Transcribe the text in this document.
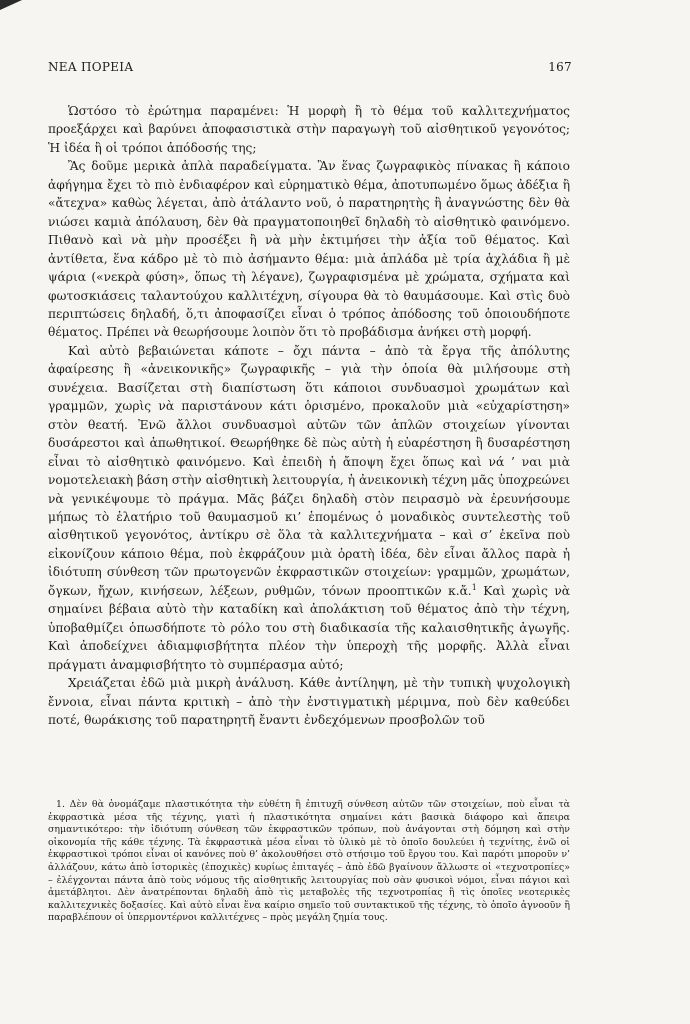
ΝΕΑ ΠΟΡΕΙΑ	167

Ὡστόσο τὸ ἐρώτημα παραμένει: Ἡ μορφὴ ἢ τὸ θέμα τοῦ καλλιτεχνήματος προεξάρχει καὶ βαρύνει ἀποφασιστικὰ στὴν παραγωγὴ τοῦ αἰσθητικοῦ γεγονότος; Ἡ ἰδέα ἢ οἱ τρόποι ἀπόδοσής της;

Ἂς δοῦμε μερικὰ ἁπλὰ παραδείγματα. Ἂν ἕνας ζωγραφικὸς πίνακας ἢ κάποιο ἀφήγημα ἔχει τὸ πιὸ ἐνδιαφέρον καὶ εὐρηματικὸ θέμα, ἀποτυπωμένο ὅμως ἀδέξια ἢ «ἄτεχνα» καθὼς λέγεται, ἀπὸ ἀτάλαντο νοῦ, ὁ παρατηρητὴς ἢ ἀναγνώστης δὲν θὰ νιώσει καμιὰ ἀπόλαυση, δὲν θὰ πραγματοποιηθεῖ δηλαδὴ τὸ αἰσθητικὸ φαινόμενο. Πιθανὸ καὶ νὰ μὴν προσέξει ἢ νὰ μὴν ἐκτιμήσει τὴν ἀξία τοῦ θέματος. Καὶ ἀντίθετα, ἕνα κάδρο μὲ τὸ πιὸ ἀσήμαντο θέμα: μιὰ ἁπλάδα μὲ τρία ἀχλάδια ἢ μὲ ψάρια («νεκρὰ φύση», ὅπως τὴ λέγανε), ζωγραφισμένα μὲ χρώματα, σχήματα καὶ φωτοσκιάσεις ταλαντούχου καλλιτέχνη, σίγουρα θὰ τὸ θαυμάσουμε. Καὶ στὶς δυὸ περιπτώσεις δηλαδή, ὅ,τι ἀποφασίζει εἶναι ὁ τρόπος ἀπόδοσης τοῦ ὁποιουδήποτε θέματος. Πρέπει νὰ θεωρήσουμε λοιπὸν ὅτι τὸ προβάδισμα ἀνήκει στὴ μορφή.

Καὶ αὐτὸ βεβαιώνεται κάποτε – ὄχι πάντα – ἀπὸ τὰ ἔργα τῆς ἀπόλυτης ἀφαίρεσης ἢ «ἀνεικονικῆς» ζωγραφικῆς – γιὰ τὴν ὁποία θὰ μιλήσουμε στὴ συνέχεια. Βασίζεται στὴ διαπίστωση ὅτι κάποιοι συνδυασμοὶ χρωμάτων καὶ γραμμῶν, χωρὶς νὰ παριστάνουν κάτι ὁρισμένο, προκαλοῦν μιὰ «εὐχαρίστηση» στὸν θεατή. Ἐνῶ ἄλλοι συνδυασμοὶ αὐτῶν τῶν ἁπλῶν στοιχείων γίνονται δυσάρεστοι καὶ ἀπωθητικοί. Θεωρήθηκε δὲ πὼς αὐτὴ ἡ εὐαρέστηση ἢ δυσαρέστηση εἶναι τὸ αἰσθητικὸ φαινόμενο. Καὶ ἐπειδὴ ἡ ἄποψη ἔχει ὅπως καὶ νά ’ ναι μιὰ νομοτελειακὴ βάση στὴν αἰσθητικὴ λειτουργία, ἡ ἀνεικονικὴ τέχνη μᾶς ὑποχρεώνει νὰ γενικέψουμε τὸ πράγμα. Μᾶς βάζει δηλαδὴ στὸν πειρασμὸ νὰ ἐρευνήσουμε μήπως τὸ ἐλατήριο τοῦ θαυμασμοῦ κι’ ἑπομένως ὁ μοναδικὸς συντελεστὴς τοῦ αἰσθητικοῦ γεγονότος, ἀντίκρυ σὲ ὅλα τὰ καλλιτεχνήματα – καὶ σ’ ἐκεῖνα ποὺ εἰκονίζουν κάποιο θέμα, ποὺ ἐκφράζουν μιὰ ὁρατὴ ἰδέα, δὲν εἶναι ἄλλος παρὰ ἡ ἰδιότυπη σύνθεση τῶν πρωτογενῶν ἐκφραστικῶν στοιχείων: γραμμῶν, χρωμάτων, ὄγκων, ἤχων, κινήσεων, λέξεων, ρυθμῶν, τόνων προοπτικῶν κ.ἄ.$^1$ Καὶ χωρὶς νὰ σημαίνει βέβαια αὐτὸ τὴν καταδίκη καὶ ἀπολάκτιση τοῦ θέματος ἀπὸ τὴν τέχνη, ὑποβαθμίζει ὁπωσδήποτε τὸ ρόλο του στὴ διαδικασία τῆς καλαισθητικῆς ἀγωγῆς. Καὶ ἀποδείχνει ἀδιαμφισβήτητα πλέον τὴν ὑπεροχὴ τῆς μορφῆς. Ἀλλὰ εἶναι πράγματι ἀναμφισβήτητο τὸ συμπέρασμα αὐτό;

Χρειάζεται ἐδῶ μιὰ μικρὴ ἀνάλυση. Κάθε ἀντίληψη, μὲ τὴν τυπικὴ ψυχολογικὴ ἔννοια, εἶναι πάντα κριτικὴ – ἀπὸ τὴν ἐνστιγματικὴ μέριμνα, ποὺ δὲν καθεύδει ποτέ, θωράκισης τοῦ παρατηρητῆ ἔναντι ἐνδεχόμενων προσβολῶν τοῦ

1. Δὲν θὰ ὀνομάζαμε πλαστικότητα τὴν εὐθέτη ἢ ἐπιτυχῆ σύνθεση αὐτῶν τῶν στοιχείων, ποὺ εἶναι τὰ ἐκφραστικὰ μέσα τῆς τέχνης, γιατὶ ἡ πλαστικότητα σημαίνει κάτι βασικὰ διάφορο καὶ ἄπειρα σημαντικότερο: τὴν ἰδιότυπη σύνθεση τῶν ἐκφραστικῶν τρόπων, ποὺ ἀνάγονται στὴ δόμηση καὶ στὴν οἰκονομία τῆς κάθε τέχνης. Τὰ ἐκφραστικὰ μέσα εἶναι τὸ ὑλικὸ μὲ τὸ ὁποῖο δουλεύει ἡ τεχνίτης, ἐνῶ οἱ ἐκφραστικοὶ τρόποι εἶναι οἱ κανόνες ποὺ θ’ ἀκολουθήσει στὸ στήσιμο τοῦ ἔργου του. Καὶ παρότι μποροῦν ν’ ἀλλάζουν, κάτω ἀπὸ ἱστορικὲς (ἐποχικὲς) κυρίως ἐπιταγές – ἀπὸ ἐδῶ βγαίνουν ἄλλωστε οἱ «τεχνοτροπίες» – ἐλέγχονται πάντα ἀπὸ τοὺς νόμους τῆς αἰσθητικῆς λειτουργίας ποὺ σὰν φυσικοὶ νόμοι, εἶναι πάγιοι καὶ ἀμετάβλητοι. Δὲν ἀνατρέπονται δηλαδὴ ἀπὸ τὶς μεταβολὲς τῆς τεχνοτροπίας ἢ τὶς ὁποῖες νεοτερικὲς καλλιτεχνικὲς δοξασίες. Καὶ αὐτὸ εἶναι ἕνα καίριο σημεῖο τοῦ συντακτικοῦ τῆς τέχνης, τὸ ὁποῖο ἀγνοοῦν ἢ παραβλέπουν οἱ ὑπερμοντέρνοι καλλιτέχνες – πρὸς μεγάλη ζημία τους.
